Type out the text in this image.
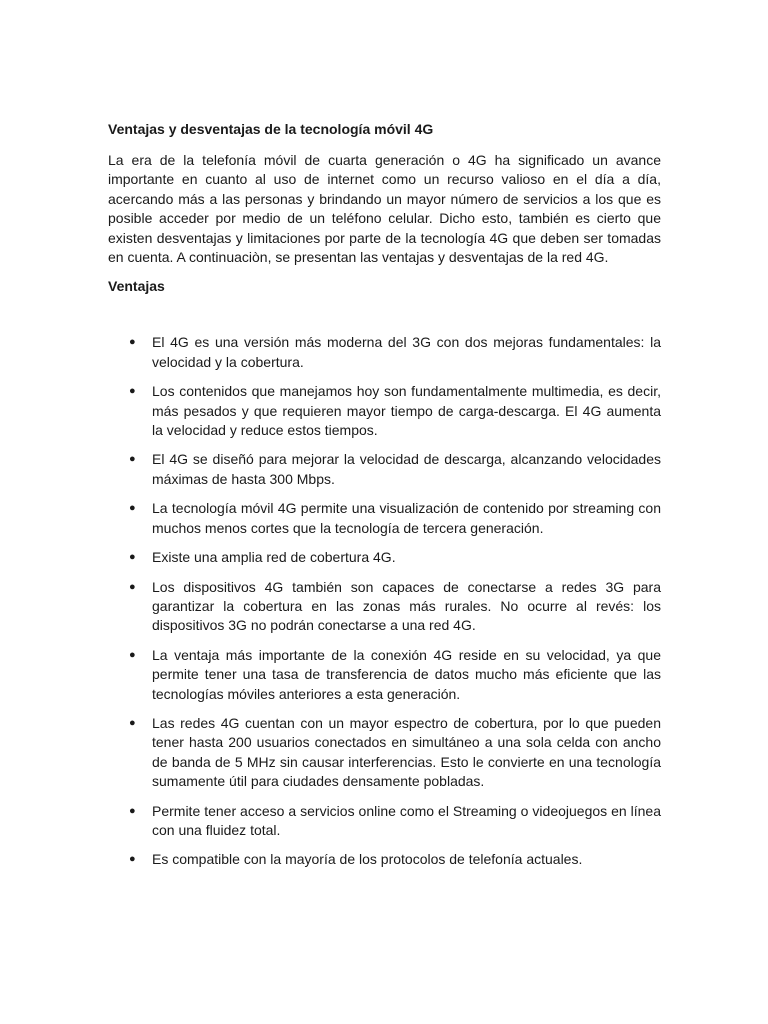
Ventajas y desventajas de la tecnología móvil 4G

La era de la telefonía móvil de cuarta generación o 4G ha significado un avance importante en cuanto al uso de internet como un recurso valioso en el día a día, acercando más a las personas y brindando un mayor número de servicios a los que es posible acceder por medio de un teléfono celular. Dicho esto, también es cierto que existen desventajas y limitaciones por parte de la tecnología 4G que deben ser tomadas en cuenta. A continuaciòn, se presentan las ventajas y desventajas de la red 4G.

Ventajas
● El 4G es una versión más moderna del 3G con dos mejoras fundamentales: la velocidad y la cobertura.
● Los contenidos que manejamos hoy son fundamentalmente multimedia, es decir, más pesados y que requieren mayor tiempo de carga-descarga. El 4G aumenta la velocidad y reduce estos tiempos.
● El 4G se diseñó para mejorar la velocidad de descarga, alcanzando velocidades máximas de hasta 300 Mbps.
● La tecnología móvil 4G permite una visualización de contenido por streaming con muchos menos cortes que la tecnología de tercera generación.
● Existe una amplia red de cobertura 4G.
● Los dispositivos 4G también son capaces de conectarse a redes 3G para garantizar la cobertura en las zonas más rurales. No ocurre al revés: los dispositivos 3G no podrán conectarse a una red 4G.
● La ventaja más importante de la conexión 4G reside en su velocidad, ya que permite tener una tasa de transferencia de datos mucho más eficiente que las tecnologías móviles anteriores a esta generación.
● Las redes 4G cuentan con un mayor espectro de cobertura, por lo que pueden tener hasta 200 usuarios conectados en simultáneo a una sola celda con ancho de banda de 5 MHz sin causar interferencias. Esto le convierte en una tecnología sumamente útil para ciudades densamente pobladas.
● Permite tener acceso a servicios online como el Streaming o videojuegos en línea con una fluidez total.
● Es compatible con la mayoría de los protocolos de telefonía actuales.
